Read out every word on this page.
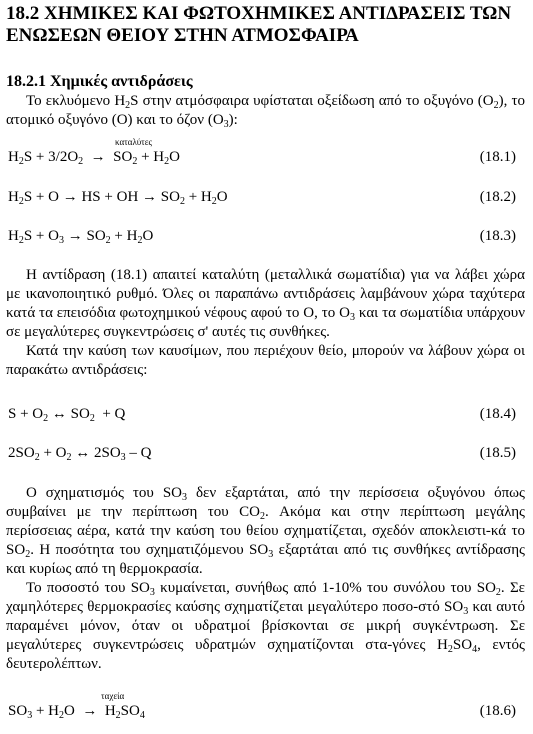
18.2 ΧΗΜΙΚΕΣ ΚΑΙ ΦΩΤΟΧΗΜΙΚΕΣ ΑΝΤΙΔΡΑΣΕΙΣ ΤΩΝ ΕΝΩΣΕΩΝ ΘΕΙΟΥ ΣΤΗΝ ΑΤΜΟΣΦΑΙΡΑ
18.2.1 Χημικές αντιδράσεις

Το εκλυόμενο $H_2S$ στην ατμόσφαιρα υφίσταται οξείδωση από το οξυγόνο $(O_2)$, το ατομικό οξυγόνο (O) και το όζον $(O_3)$:

καταλύτες
$H_2S + 3/2O_2 \to SO_2 + H_2O$	(18.1)
$H_2S + O$ → HS + OH → $SO_2 + H_2O$	(18.2)
$H_2S + O_3 \to SO_2 + H_2O$	(18.3)

Η αντίδραση (18.1) απαιτεί καταλύτη (μεταλλικά σωματίδια) για να λάβει χώρα με ικανοποιητικό ρυθμό. Όλες οι παραπάνω αντιδράσεις λαμβάνουν χώρα ταχύτερα κατά τα επεισόδια φωτοχημικού νέφους αφού το O, το $O_3$ και τα σωματίδια υπάρχουν σε μεγαλύτερες συγκεντρώσεις σ' αυτές τις συνθήκες.

Κατά την καύση των καυσίμων, που περιέχουν θείο, μπορούν να λάβουν χώρα οι παρακάτω αντιδράσεις:

$S + O_2$ ↔ $SO_2 + Q$	(18.4)
$2SO_2 + O_2$ ↔ $2SO_3$ – Q	(18.5)

Ο σχηματισμός του $SO_3$ δεν εξαρτάται, από την περίσσεια οξυγόνου όπως συμβαίνει με την περίπτωση του $CO_2$. Ακόμα και στην περίπτωση μεγάλης περίσσειας αέρα, κατά την καύση του θείου σχηματίζεται, σχεδόν αποκλειστι-κά το $SO_2$. Η ποσότητα του σχηματιζόμενου $SO_3$ εξαρτάται από τις συνθήκες αντίδρασης και κυρίως από τη θερμοκρασία.

Το ποσοστό του $SO_3$ κυμαίνεται, συνήθως από 1-10% του συνόλου του $SO_2$. Σε χαμηλότερες θερμοκρασίες καύσης σχηματίζεται μεγαλύτερο ποσο-στό $SO_3$ και αυτό παραμένει μόνον, όταν οι υδρατμοί βρίσκονται σε μικρή συγκέντρωση. Σε μεγαλύτερες συγκεντρώσεις υδρατμών σχηματίζονται στα-γόνες $H_2SO_4$, εντός δευτερολέπτων.

ταχεία
$SO_3 + H_2O \to H_2SO_4$	(18.6)
